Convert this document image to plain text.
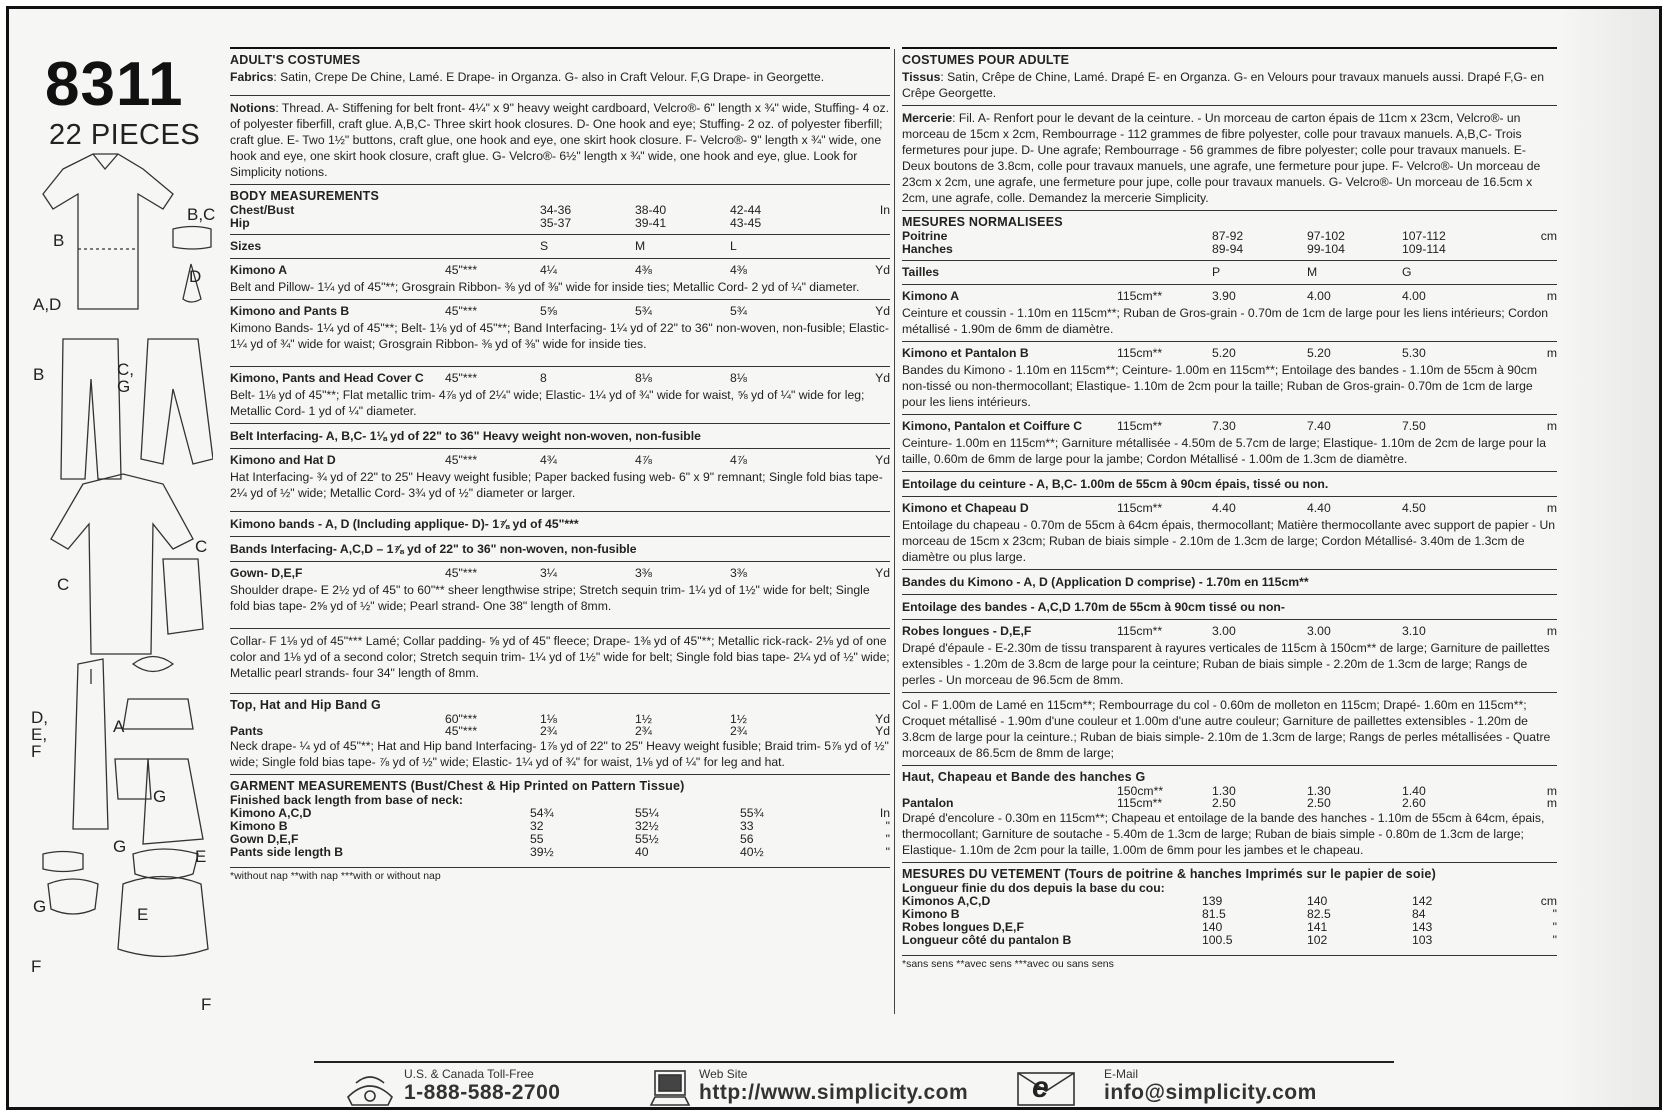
8311
22 PIECES
B,C
B
D
A,D
B	C, G
C
C
D, E, F
A
G
G
E
G	E
F
F
ADULT'S COSTUMES

Fabrics: Satin, Crepe De Chine, Lamé. E Drape- in Organza. G- also in Craft Velour. F,G Drape- in Georgette.

Notions: Thread. A- Stiffening for belt front- 4¼" x 9" heavy weight cardboard, Velcro®- 6" length x ¾" wide, Stuffing- 4 oz. of polyester fiberfill, craft glue. A,B,C- Three skirt hook closures. D- One hook and eye; Stuffing- 2 oz. of polyester fiberfill; craft glue. E- Two 1½" buttons, craft glue, one hook and eye, one skirt hook closure. F- Velcro®- 9" length x ¾" wide, one hook and eye, one skirt hook closure, craft glue. G- Velcro®- 6½" length x ¾" wide, one hook and eye, glue. Look for Simplicity notions.

BODY MEASUREMENTS
Chest/Bust	34-36	38-40	42-44	In
Hip	35-37	39-41	43-45
Sizes	S	M	L
Kimono A	45"***	4¼	4⅜	4⅜	Yd

Belt and Pillow- 1¼ yd of 45"**; Grosgrain Ribbon- ⅜ yd of ⅜" wide for inside ties; Metallic Cord- 2 yd of ¼" diameter.

Kimono and Pants B	45"***	5⅝	5¾	5¾	Yd

Kimono Bands- 1¼ yd of 45"**; Belt- 1⅛ yd of 45"**; Band Interfacing- 1¼ yd of 22" to 36" non-woven, non-fusible; Elastic- 1¼ yd of ¾" wide for waist; Grosgrain Ribbon- ⅜ yd of ⅜" wide for inside ties.

Kimono, Pants and Head Cover C	45"***	8	8⅛	8⅛	Yd

Belt- 1⅛ yd of 45"**; Flat metallic trim- 4⅞ yd of 2¼" wide; Elastic- 1¼ yd of ¾" wide for waist, ⅝ yd of ¼" wide for leg; Metallic Cord- 1 yd of ¼" diameter.

Belt Interfacing- A, B,C- 1⅛ yd of 22" to 36" Heavy weight non-woven, non-fusible

Kimono and Hat D	45"***	4¾	4⅞	4⅞	Yd

Hat Interfacing- ¾ yd of 22" to 25" Heavy weight fusible; Paper backed fusing web- 6" x 9" remnant; Single fold bias tape- 2¼ yd of ½" wide; Metallic Cord- 3¾ yd of ½" diameter or larger.

Kimono bands - A, D (Including applique- D)- 1⅞ yd of 45"***

Bands Interfacing- A,C,D – 1⅞ yd of 22" to 36" non-woven, non-fusible

Gown- D,E,F	45"***	3¼	3⅜	3⅜	Yd

Shoulder drape- E 2½ yd of 45" to 60"** sheer lengthwise stripe; Stretch sequin trim- 1¼ yd of 1½" wide for belt; Single fold bias tape- 2⅝ yd of ½" wide; Pearl strand- One 38" length of 8mm.

Collar- F 1⅛ yd of 45"*** Lamé; Collar padding- ⅝ yd of 45" fleece; Drape- 1⅜ yd of 45"**; Metallic rick-rack- 2⅛ yd of one color and 1⅛ yd of a second color; Stretch sequin trim- 1¼ yd of 1½" wide for belt; Single fold bias tape- 2¼ yd of ½" wide; Metallic pearl strands- four 34" length of 8mm.

Top, Hat and Hip Band G
60"***	1⅛	1½	1½	Yd
Pants	45"***	2¾	2¾	2¾	Yd

Neck drape- ¼ yd of 45"**; Hat and Hip band Interfacing- 1⅞ yd of 22" to 25" Heavy weight fusible; Braid trim- 5⅞ yd of ½" wide; Single fold bias tape- ⅞ yd of ½" wide; Elastic- 1¼ yd of ¾" for waist, 1⅛ yd of ¼" for leg and hat.

GARMENT MEASUREMENTS (Bust/Chest & Hip Printed on Pattern Tissue)
Finished back length from base of neck:
Kimono A,C,D	54¾	55¼	55¾	In
Kimono B	32	32½	33	"
Gown D,E,F	55	55½	56	"
Pants side length B	39½	40	40½	"
*without nap **with nap ***with or without nap
COSTUMES POUR ADULTE

Tissus: Satin, Crêpe de Chine, Lamé. Drapé E- en Organza. G- en Velours pour travaux manuels aussi. Drapé F,G- en Crêpe Georgette.

Mercerie: Fil. A- Renfort pour le devant de la ceinture. - Un morceau de carton épais de 11cm x 23cm, Velcro®- un morceau de 15cm x 2cm, Rembourrage - 112 grammes de fibre polyester, colle pour travaux manuels. A,B,C- Trois fermetures pour jupe. D- Une agrafe; Rembourrage - 56 grammes de fibre polyester; colle pour travaux manuels. E- Deux boutons de 3.8cm, colle pour travaux manuels, une agrafe, une fermeture pour jupe. F- Velcro®- Un morceau de 23cm x 2cm, une agrafe, une fermeture pour jupe, colle pour travaux manuels. G- Velcro®- Un morceau de 16.5cm x 2cm, une agrafe, colle. Demandez la mercerie Simplicity.

MESURES NORMALISEES
Poitrine	87-92	97-102	107-112	cm
Hanches	89-94	99-104	109-114
Tailles	P	M	G
Kimono A	115cm**	3.90	4.00	4.00	m

Ceinture et coussin - 1.10m en 115cm**; Ruban de Gros-grain - 0.70m de 1cm de large pour les liens intérieurs; Cordon métallisé - 1.90m de 6mm de diamètre.

Kimono et Pantalon B	115cm**	5.20	5.20	5.30	m

Bandes du Kimono - 1.10m en 115cm**; Ceinture- 1.00m en 115cm**; Entoilage des bandes - 1.10m de 55cm à 90cm non-tissé ou non-thermocollant; Elastique- 1.10m de 2cm pour la taille; Ruban de Gros-grain- 0.70m de 1cm de large pour les liens intérieurs.

Kimono, Pantalon et Coiffure C	115cm**	7.30	7.40	7.50	m

Ceinture- 1.00m en 115cm**; Garniture métallisée - 4.50m de 5.7cm de large; Elastique- 1.10m de 2cm de large pour la taille, 0.60m de 6mm de large pour la jambe; Cordon Métallisé - 1.00m de 1.3cm de diamètre.

Entoilage du ceinture - A, B,C- 1.00m de 55cm à 90cm épais, tissé ou non.

Kimono et Chapeau D	115cm**	4.40	4.40	4.50	m

Entoilage du chapeau - 0.70m de 55cm à 64cm épais, thermocollant; Matière thermocollante avec support de papier - Un morceau de 15cm x 23cm; Ruban de biais simple - 2.10m de 1.3cm de large; Cordon Métallisé- 3.40m de 1.3cm de diamètre ou plus large.

Bandes du Kimono - A, D (Application D comprise) - 1.70m en 115cm**

Entoilage des bandes - A,C,D 1.70m de 55cm à 90cm tissé ou non-

Robes longues - D,E,F	115cm**	3.00	3.00	3.10	m

Drapé d'épaule - E-2.30m de tissu transparent à rayures verticales de 115cm à 150cm** de large; Garniture de paillettes extensibles - 1.20m de 3.8cm de large pour la ceinture; Ruban de biais simple - 2.20m de 1.3cm de large; Rangs de perles - Un morceau de 96.5cm de 8mm.

Col - F 1.00m de Lamé en 115cm**; Rembourrage du col - 0.60m de molleton en 115cm; Drapé- 1.60m en 115cm**; Croquet métallisé - 1.90m d'une couleur et 1.00m d'une autre couleur; Garniture de paillettes extensibles - 1.20m de 3.8cm de large pour la ceinture.; Ruban de biais simple- 2.10m de 1.3cm de large; Rangs de perles métallisées - Quatre morceaux de 86.5cm de 8mm de large;

Haut, Chapeau et Bande des hanches G
150cm**	1.30	1.30	1.40	m
Pantalon	115cm**	2.50	2.50	2.60	m

Drapé d'encolure - 0.30m en 115cm**; Chapeau et entoilage de la bande des hanches - 1.10m de 55cm à 64cm, épais, thermocollant; Garniture de soutache - 5.40m de 1.3cm de large; Ruban de biais simple - 0.80m de 1.3cm de large; Elastique- 1.10m de 2cm pour la taille, 1.00m de 6mm pour les jambes et le chapeau.

MESURES DU VETEMENT (Tours de poitrine & hanches Imprimés sur le papier de soie)
Longueur finie du dos depuis la base du cou:
Kimonos A,C,D	139	140	142	cm
Kimono B	81.5	82.5	84	"
Robes longues D,E,F	140	141	143	"
Longueur côté du pantalon B	100.5	102	103	"
*sans sens **avec sens ***avec ou sans sens
U.S. & Canada Toll-Free
1-888-588-2700
Web Site
http://www.simplicity.com e	E-Mail
info@simplicity.com
